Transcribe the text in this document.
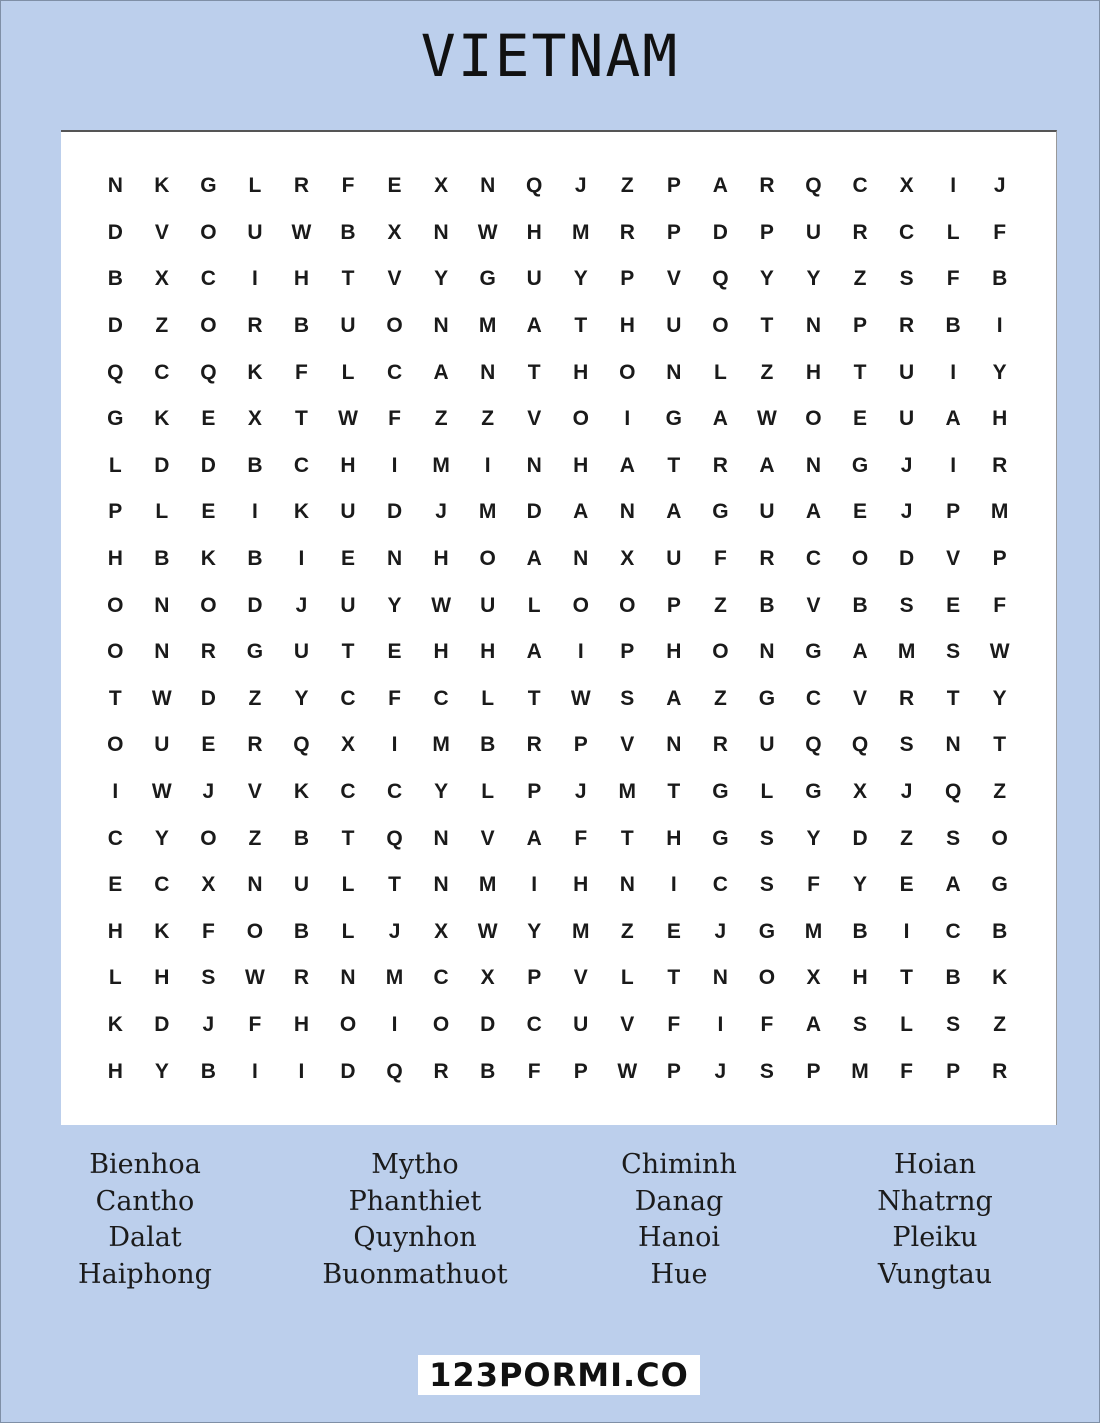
VIETNAM
N	K	G	L	R	F	E	X	N	Q	J	Z	P	A	R	Q	C	X	I	J
D	V	O	U	W	B	X	N	W	H	M	R	P	D	P	U	R	C	L	F
B	X	C	I	H	T	V	Y	G	U	Y	P	V	Q	Y	Y	Z	S	F	B
D	Z	O	R	B	U	O	N	M	A	T	H	U	O	T	N	P	R	B	I
Q	C	Q	K	F	L	C	A	N	T	H	O	N	L	Z	H	T	U	I	Y
G	K	E	X	T	W	F	Z	Z	V	O	I	G	A	W	O	E	U	A	H
L	D	D	B	C	H	I	M	I	N	H	A	T	R	A	N	G	J	I	R
P	L	E	I	K	U	D	J	M	D	A	N	A	G	U	A	E	J	P	M
H	B	K	B	I	E	N	H	O	A	N	X	U	F	R	C	O	D	V	P
O	N	O	D	J	U	Y	W	U	L	O	O	P	Z	B	V	B	S	E	F
O	N	R	G	U	T	E	H	H	A	I	P	H	O	N	G	A	M	S	W
T	W	D	Z	Y	C	F	C	L	T	W	S	A	Z	G	C	V	R	T	Y
O	U	E	R	Q	X	I	M	B	R	P	V	N	R	U	Q	Q	S	N	T
I	W	J	V	K	C	C	Y	L	P	J	M	T	G	L	G	X	J	Q	Z
C	Y	O	Z	B	T	Q	N	V	A	F	T	H	G	S	Y	D	Z	S	O
E	C	X	N	U	L	T	N	M	I	H	N	I	C	S	F	Y	E	A	G
H	K	F	O	B	L	J	X	W	Y	M	Z	E	J	G	M	B	I	C	B
L	H	S	W	R	N	M	C	X	P	V	L	T	N	O	X	H	T	B	K
K	D	J	F	H	O	I	O	D	C	U	V	F	I	F	A	S	L	S	Z
H	Y	B	I	I	D	Q	R	B	F	P	W	P	J	S	P	M	F	P	R
Bienhoa
Cantho
Dalat
Haiphong
Mytho
Phanthiet
Quynhon
Buonmathuot
Chiminh
Danag
Hanoi
Hue
Hoian
Nhatrng
Pleiku
Vungtau
123PORMI.CO
